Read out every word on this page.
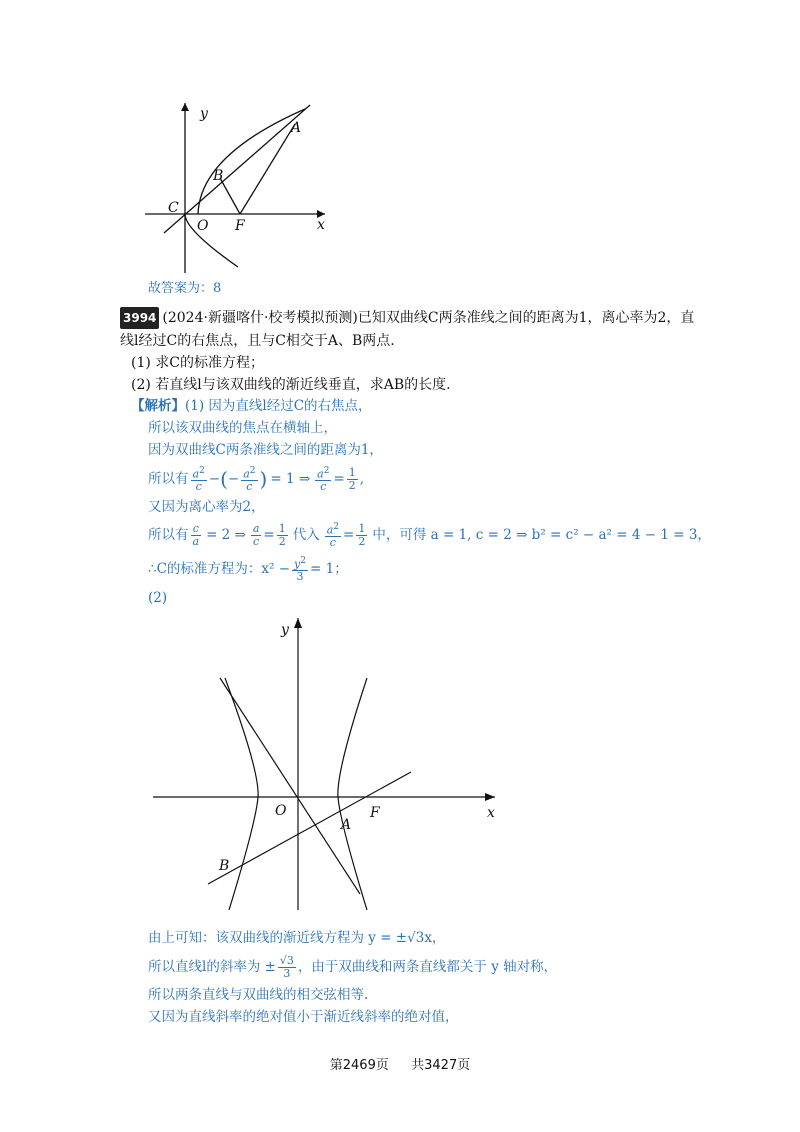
y
x
A
B
C
O F
故答案为：8
3994 (2024·新疆喀什·校考模拟预测)已知双曲线C两条准线之间的距离为1，离心率为2，直
线l经过C的右焦点，且与C相交于A、B两点.
(1) 求C的标准方程；
(2) 若直线l与该双曲线的渐近线垂直，求AB的长度.
【解析】(1) 因为直线l经过C的右焦点，
所以该双曲线的焦点在横轴上，
因为双曲线C两条准线之间的距离为1，
所以有 $\frac{a^2}{c}$ − ( − $\frac{a^2}{c}$ ) = 1 ⇒ $\frac{a^2}{c} = \frac{1}{2}$ ,
又因为离心率为2，
所以有 $\frac{c}{a} = 2$ ⇒ $\frac{a}{c} = \frac{1}{2}$ 代入 $\frac{a^2}{c} = \frac{1}{2}$ 中，可得 a = 1, c = 2 ⇒ b² = c² − a² = 4 − 1 = 3，
∴C的标准方程为：$x^2 - \frac{y^2}{3} = 1$；
(2)
y
x
O
A
F
B
由上可知：该双曲线的渐近线方程为 y = ±√3x，
所以直线l的斜率为 ± $\frac{√3}{3}$ ，由于双曲线和两条直线都关于 y 轴对称，
所以两条直线与双曲线的相交弦相等.
又因为直线斜率的绝对值小于渐近线斜率的绝对值，
第2469页 共3427页
